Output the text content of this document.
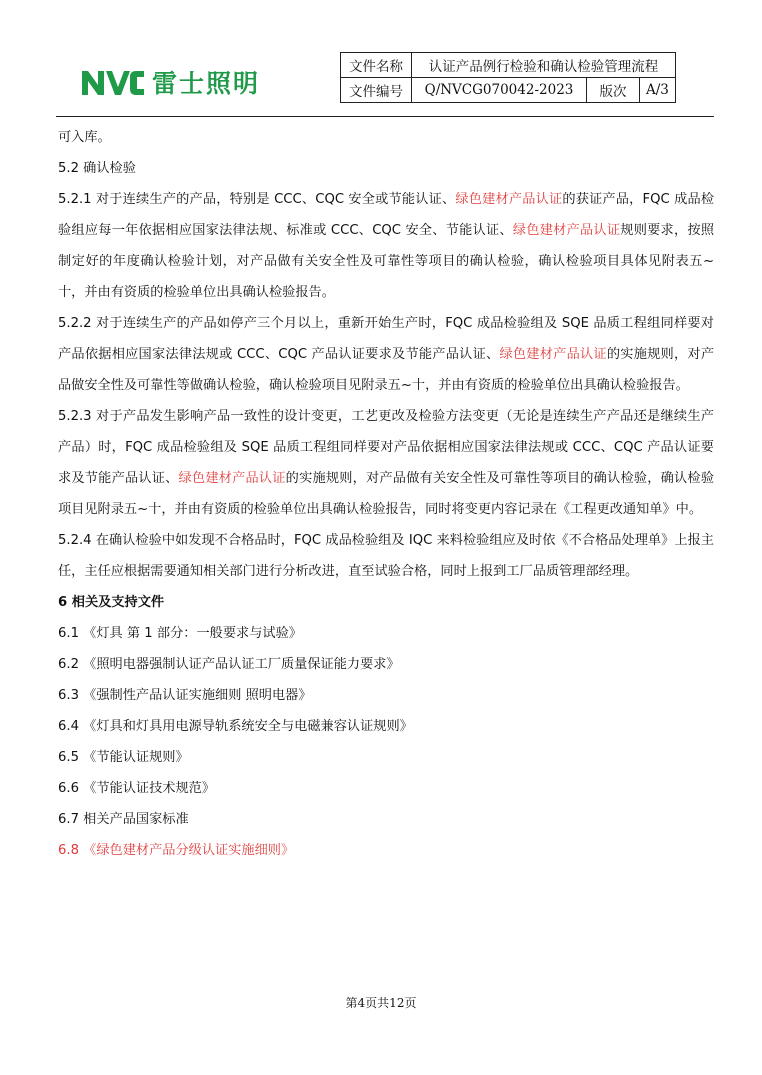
雷士照明
文件名称	认证产品例行检验和确认检验管理流程		
文件编号	Q/NVCG070042-2023	版次	A/3

可入库。

5.2 确认检验

5.2.1 对于连续生产的产品，特别是 CCC、CQC 安全或节能认证、绿色建材产品认证的获证产品，FQC 成品检验组应每一年依据相应国家法律法规、标准或 CCC、CQC 安全、节能认证、绿色建材产品认证规则要求，按照制定好的年度确认检验计划，对产品做有关安全性及可靠性等项目的确认检验，确认检验项目具体见附表五~十，并由有资质的检验单位出具确认检验报告。

5.2.2 对于连续生产的产品如停产三个月以上，重新开始生产时，FQC 成品检验组及 SQE 品质工程组同样要对产品依据相应国家法律法规或 CCC、CQC 产品认证要求及节能产品认证、绿色建材产品认证的实施规则，对产品做安全性及可靠性等做确认检验，确认检验项目见附录五~十，并由有资质的检验单位出具确认检验报告。

5.2.3 对于产品发生影响产品一致性的设计变更，工艺更改及检验方法变更（无论是连续生产产品还是继续生产产品）时，FQC 成品检验组及 SQE 品质工程组同样要对产品依据相应国家法律法规或 CCC、CQC 产品认证要求及节能产品认证、绿色建材产品认证的实施规则，对产品做有关安全性及可靠性等项目的确认检验，确认检验项目见附录五~十，并由有资质的检验单位出具确认检验报告，同时将变更内容记录在《工程更改通知单》中。

5.2.4 在确认检验中如发现不合格品时，FQC 成品检验组及 IQC 来料检验组应及时依《不合格品处理单》上报主任，主任应根据需要通知相关部门进行分析改进，直至试验合格，同时上报到工厂品质管理部经理。

6 相关及支持文件

6.1 《灯具 第 1 部分：一般要求与试验》

6.2 《照明电器强制认证产品认证工厂质量保证能力要求》

6.3 《强制性产品认证实施细则 照明电器》

6.4 《灯具和灯具用电源导轨系统安全与电磁兼容认证规则》

6.5 《节能认证规则》

6.6 《节能认证技术规范》

6.7 相关产品国家标准

6.8 《绿色建材产品分级认证实施细则》

第4页共12页
